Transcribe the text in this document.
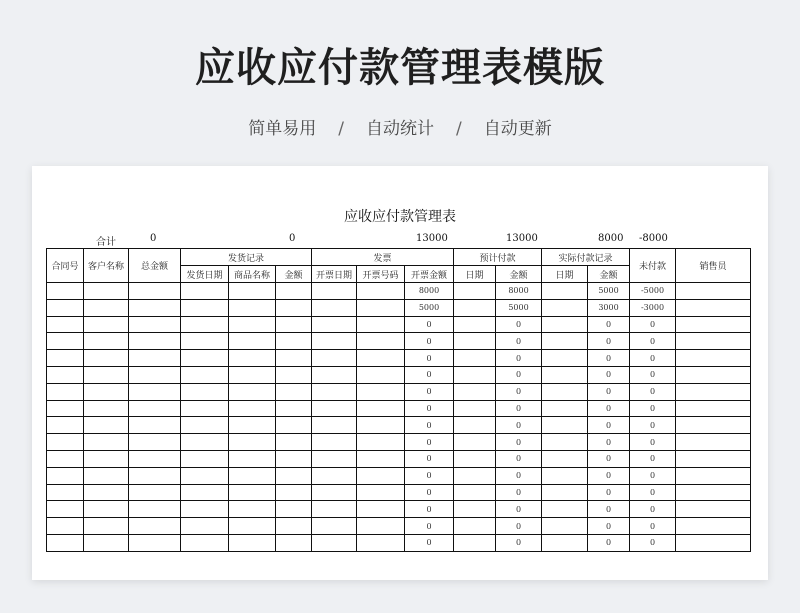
应收应付款管理表模版
简单易用 / 自动统计 / 自动更新
应收应付款管理表
合计	0	0	13000	13000	8000 -8000
合同号	客户名称	总金额	发货记录			发票			预计付款		实际付款记录		未付款	销售员
			发货日期	商品名称	金额	开票日期	开票号码	开票金额	日期	金额	日期	金额		
								8000		8000		5000	-5000	
								5000		5000		3000	-3000	
								0		0		0	0	
								0		0		0	0	
								0		0		0	0	
								0		0		0	0	
								0		0		0	0	
								0		0		0	0	
								0		0		0	0	
								0		0		0	0	
								0		0		0	0	
								0		0		0	0	
								0		0		0	0	
								0		0		0	0	
								0		0		0	0	
								0		0		0	0	
